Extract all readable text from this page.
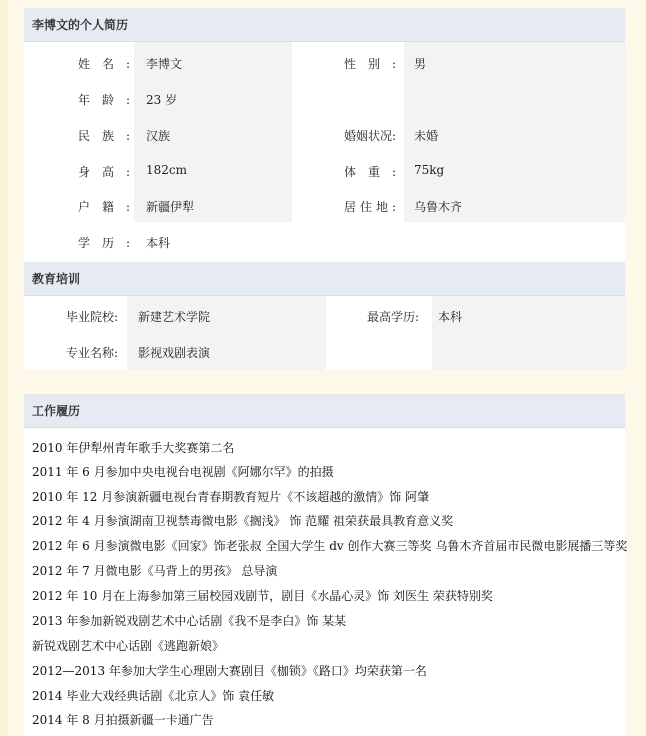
李博文的个人简历
姓名: 李博文	性别: 男
年龄: 23 岁
民族: 汉族	婚姻状况: 未婚
身高: 182cm	体重: 75kg
户籍: 新疆伊犁	居住地: 乌鲁木齐
学历: 本科
教育培训
毕业院校: 新建艺术学院	最高学历: 本科
专业名称: 影视戏剧表演
工作履历
2010 年伊犁州青年歌手大奖赛第二名
2011 年 6 月参加中央电视台电视剧《阿娜尔罕》的拍摄
2010 年 12 月参演新疆电视台青春期教育短片《不该超越的激情》饰 阿肇
2012 年 4 月参演湖南卫视禁毒微电影《搁浅》 饰 范耀 祖荣获最具教育意义奖
2012 年 6 月参演微电影《回家》饰老张叔 全国大学生 dv 创作大赛三等奖 乌鲁木齐首届市民微电影展播三等奖
2012 年 7 月微电影《马背上的男孩》 总导演
2012 年 10 月在上海参加第三届校园戏剧节，剧目《水晶心灵》饰 刘医生 荣获特别奖
2013 年参加新锐戏剧艺术中心话剧《我不是李白》饰 某某
新锐戏剧艺术中心话剧《逃跑新娘》
2012—2013 年参加大学生心理剧大赛剧目《枷锁》《路口》均荣获第一名
2014 毕业大戏经典话剧《北京人》饰 袁任敏
2014 年 8 月拍摄新疆一卡通广告
